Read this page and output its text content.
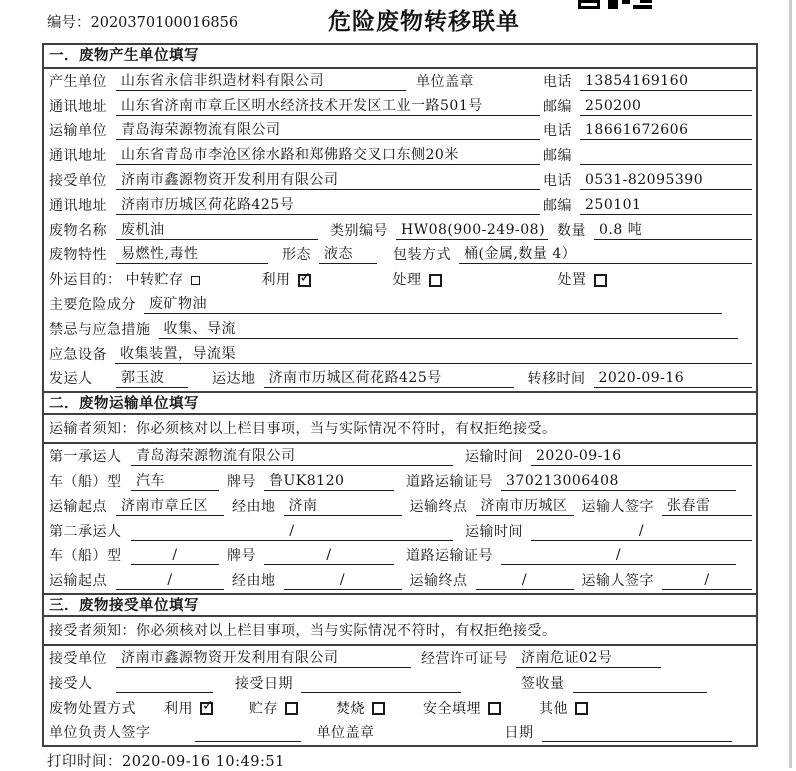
编号：2020370100016856	危险废物转移联单
一．废物产生单位填写
产生单位	山东省永信非织造材料有限公司	单位盖章	电话 13854169160
通讯地址	山东省济南市章丘区明水经济技术开发区工业一路501号	邮编 250200
运输单位	青岛海荣源物流有限公司	电话 18661672606
通讯地址	山东省青岛市李沧区徐水路和郑佛路交叉口东侧20米	邮编
接受单位	济南市鑫源物资开发利用有限公司	电话 0531-82095390
通讯地址	济南市历城区荷花路425号	邮编 250101
废物名称	废机油	类别编号 HW08(900-249-08) 数量 0.8 吨
废物特性	易燃性,毒性	形态 液态	包装方式 桶(金属,数量 4）
外运目的： 中转贮存	利用 ✓	处理	处置
主要危险成分 废矿物油
禁忌与应急措施 收集、导流
应急设备 收集装置，导流渠
发运人	郭玉波	运达地 济南市历城区荷花路425号	转移时间 2020-09-16
二．废物运输单位填写
运输者须知：你必须核对以上栏目事项，当与实际情况不符时，有权拒绝接受。
第一承运人	青岛海荣源物流有限公司	运输时间 2020-09-16
车（船）型	汽车	牌号 鲁UK8120	道路运输证号 370213006408
运输起点	济南市章丘区	经由地 济南	运输终点 济南市历城区	运输人签字 张春雷
第二承运人	/	运输时间	/
车（船）型	/	牌号	/	道路运输证号	/
运输起点	/	经由地	/	运输终点	/	运输人签字	/
三．废物接受单位填写
接受者须知：你必须核对以上栏目事项，当与实际情况不符时，有权拒绝接受。
接受单位	济南市鑫源物资开发利用有限公司	经营许可证号 济南危证02号
接受人	接受日期	签收量
废物处置方式 利用 ✓	贮存	焚烧	安全填埋	其他
单位负责人签字	单位盖章	日期
打印时间：2020-09-16 10:49:51
